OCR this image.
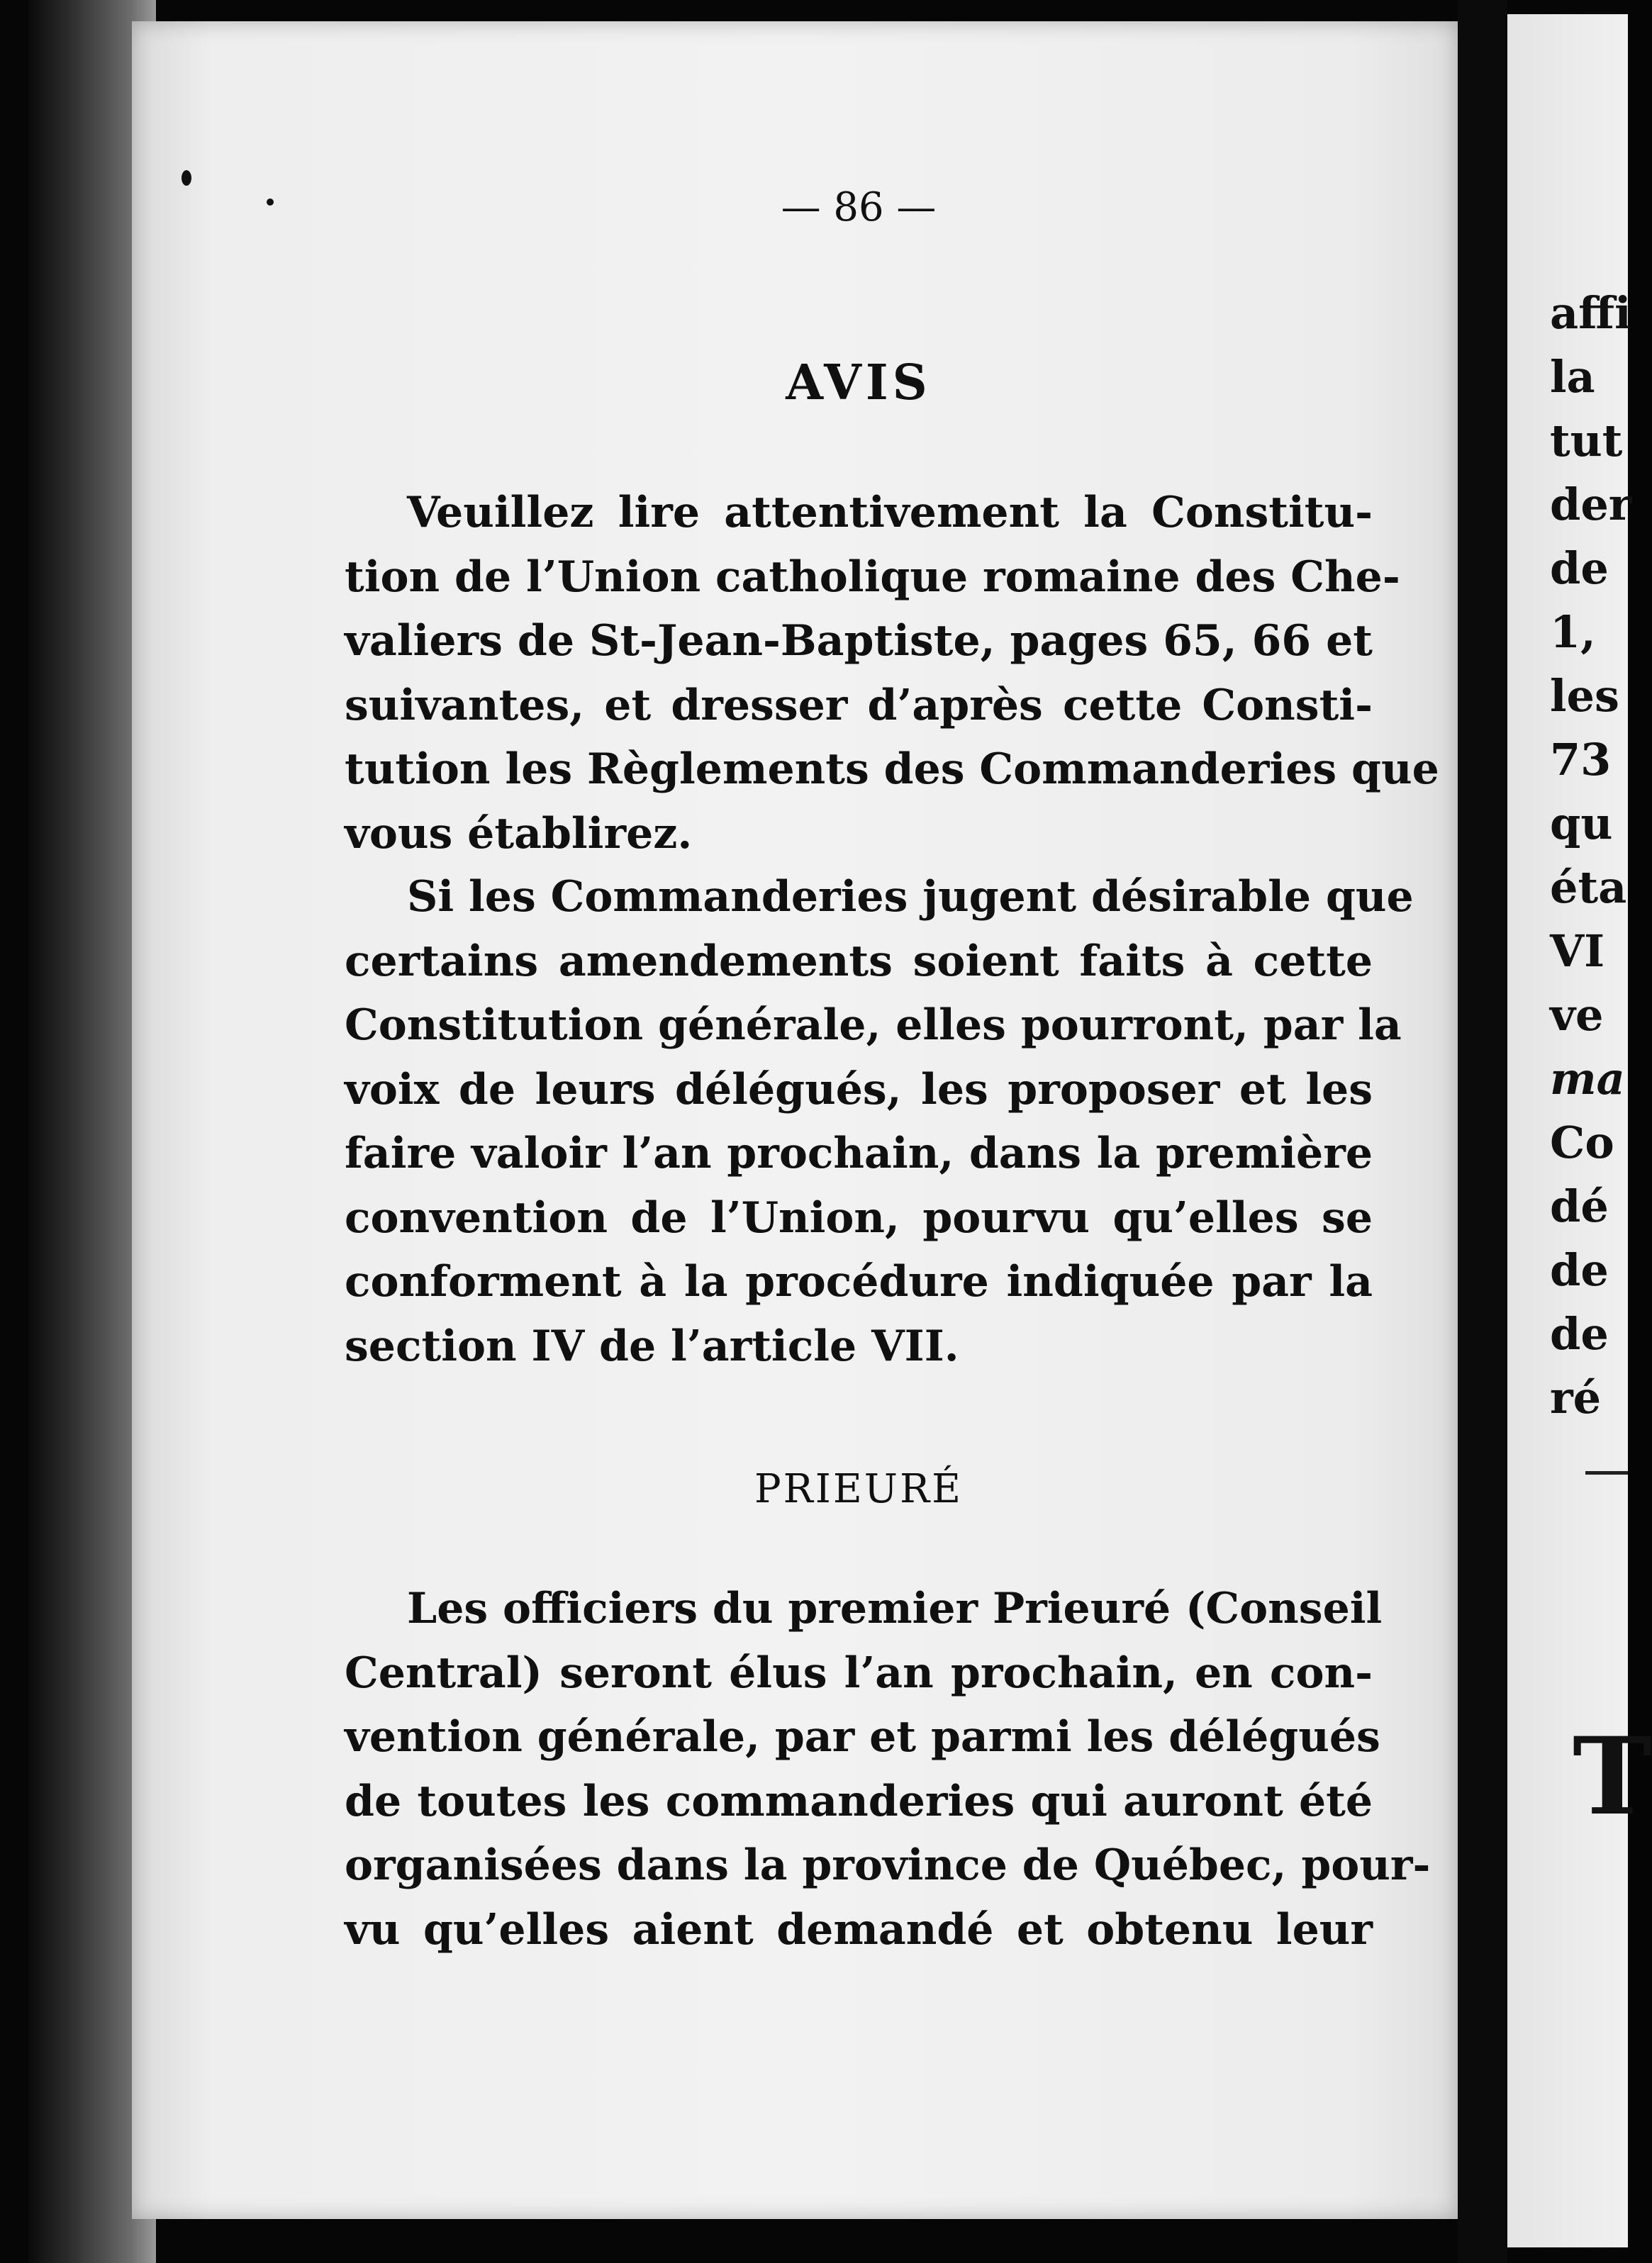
— 86 —
AVIS
Veuillez lire attentivement la Constitu-
tion de l’Union catholique romaine des Che-
valiers de St-Jean-Baptiste, pages 65, 66 et
suivantes, et dresser d’après cette Consti-
tution les Règlements des Commanderies que
vous établirez.
Si les Commanderies jugent désirable que
certains amendements soient faits à cette
Constitution générale, elles pourront, par la
voix de leurs délégués, les proposer et les
faire valoir l’an prochain, dans la première
convention de l’Union, pourvu qu’elles se
conforment à la procédure indiquée par la
section IV de l’article VII.
PRIEURÉ
Les officiers du premier Prieuré (Conseil
Central) seront élus l’an prochain, en con-
vention générale, par et parmi les délégués
de toutes les commanderies qui auront été
organisées dans la province de Québec, pour-
vu qu’elles aient demandé et obtenu leur
affi
la
tut
der
de
1,
les
73
qu
éta
VI
ve
ma
Co
dé
de
de
ré
T
